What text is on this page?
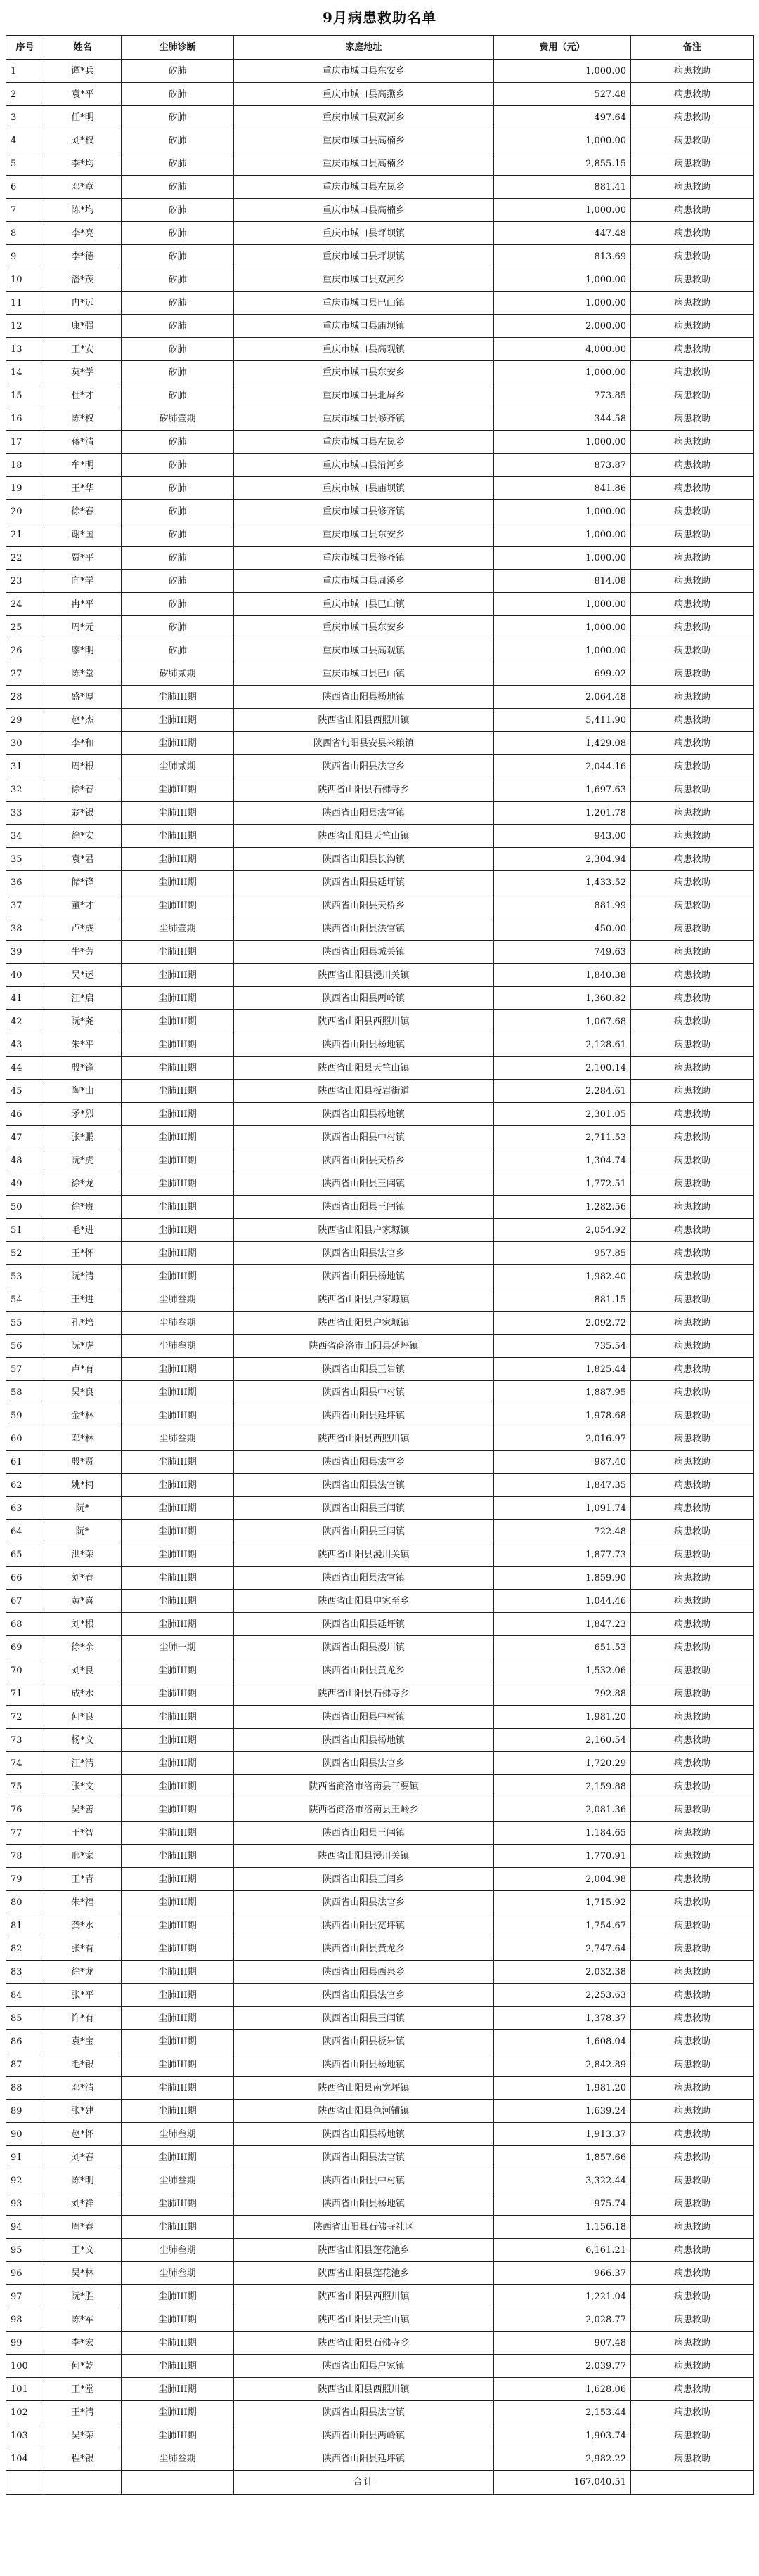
9月病患救助名单
序号	姓名	尘肺诊断	家庭地址	费用（元）	备注
1	谭*兵	矽肺	重庆市城口县东安乡	1,000.00	病患救助
2	袁*平	矽肺	重庆市城口县高燕乡	527.48	病患救助
3	任*明	矽肺	重庆市城口县双河乡	497.64	病患救助
4	刘*权	矽肺	重庆市城口县高楠乡	1,000.00	病患救助
5	李*均	矽肺	重庆市城口县高楠乡	2,855.15	病患救助
6	邓*章	矽肺	重庆市城口县左岚乡	881.41	病患救助
7	陈*均	矽肺	重庆市城口县高楠乡	1,000.00	病患救助
8	李*亮	矽肺	重庆市城口县坪坝镇	447.48	病患救助
9	李*德	矽肺	重庆市城口县坪坝镇	813.69	病患救助
10	潘*茂	矽肺	重庆市城口县双河乡	1,000.00	病患救助
11	冉*远	矽肺	重庆市城口县巴山镇	1,000.00	病患救助
12	康*强	矽肺	重庆市城口县庙坝镇	2,000.00	病患救助
13	王*安	矽肺	重庆市城口县高观镇	4,000.00	病患救助
14	莫*学	矽肺	重庆市城口县东安乡	1,000.00	病患救助
15	杜*才	矽肺	重庆市城口县北屏乡	773.85	病患救助
16	陈*权	矽肺壹期	重庆市城口县修齐镇	344.58	病患救助
17	蒋*清	矽肺	重庆市城口县左岚乡	1,000.00	病患救助
18	牟*明	矽肺	重庆市城口县沿河乡	873.87	病患救助
19	王*华	矽肺	重庆市城口县庙坝镇	841.86	病患救助
20	徐*春	矽肺	重庆市城口县修齐镇	1,000.00	病患救助
21	谢*国	矽肺	重庆市城口县东安乡	1,000.00	病患救助
22	贾*平	矽肺	重庆市城口县修齐镇	1,000.00	病患救助
23	向*学	矽肺	重庆市城口县周溪乡	814.08	病患救助
24	冉*平	矽肺	重庆市城口县巴山镇	1,000.00	病患救助
25	周*元	矽肺	重庆市城口县东安乡	1,000.00	病患救助
26	廖*明	矽肺	重庆市城口县高观镇	1,000.00	病患救助
27	陈*堂	矽肺贰期	重庆市城口县巴山镇	699.02	病患救助
28	盛*厚	尘肺III期	陕西省山阳县杨地镇	2,064.48	病患救助
29	赵*杰	尘肺III期	陕西省山阳县西照川镇	5,411.90	病患救助
30	李*和	尘肺III期	陕西省旬阳县安县米粮镇	1,429.08	病患救助
31	周*根	尘肺贰期	陕西省山阳县法官乡	2,044.16	病患救助
32	徐*春	尘肺III期	陕西省山阳县石佛寺乡	1,697.63	病患救助
33	翁*银	尘肺III期	陕西省山阳县法官镇	1,201.78	病患救助
34	徐*安	尘肺III期	陕西省山阳县天竺山镇	943.00	病患救助
35	袁*君	尘肺III期	陕西省山阳县长沟镇	2,304.94	病患救助
36	储*锋	尘肺III期	陕西省山阳县延坪镇	1,433.52	病患救助
37	董*才	尘肺III期	陕西省山阳县天桥乡	881.99	病患救助
38	卢*成	尘肺壹期	陕西省山阳县法官镇	450.00	病患救助
39	牛*劳	尘肺III期	陕西省山阳县城关镇	749.63	病患救助
40	吴*运	尘肺III期	陕西省山阳县漫川关镇	1,840.38	病患救助
41	汪*启	尘肺III期	陕西省山阳县两岭镇	1,360.82	病患救助
42	阮*尧	尘肺III期	陕西省山阳县西照川镇	1,067.68	病患救助
43	朱*平	尘肺III期	陕西省山阳县杨地镇	2,128.61	病患救助
44	殷*锋	尘肺III期	陕西省山阳县天竺山镇	2,100.14	病患救助
45	陶*山	尘肺III期	陕西省山阳县板岩街道	2,284.61	病患救助
46	矛*烈	尘肺III期	陕西省山阳县杨地镇	2,301.05	病患救助
47	张*鹏	尘肺III期	陕西省山阳县中村镇	2,711.53	病患救助
48	阮*虎	尘肺III期	陕西省山阳县天桥乡	1,304.74	病患救助
49	徐*龙	尘肺III期	陕西省山阳县王闫镇	1,772.51	病患救助
50	徐*贵	尘肺III期	陕西省山阳县王闫镇	1,282.56	病患救助
51	毛*进	尘肺III期	陕西省山阳县户家塬镇	2,054.92	病患救助
52	王*怀	尘肺III期	陕西省山阳县法官乡	957.85	病患救助
53	阮*清	尘肺III期	陕西省山阳县杨地镇	1,982.40	病患救助
54	王*进	尘肺叁期	陕西省山阳县户家塬镇	881.15	病患救助
55	孔*培	尘肺叁期	陕西省山阳县户家塬镇	2,092.72	病患救助
56	阮*虎	尘肺叁期	陕西省商洛市山阳县延坪镇	735.54	病患救助
57	卢*有	尘肺III期	陕西省山阳县王岩镇	1,825.44	病患救助
58	吴*良	尘肺III期	陕西省山阳县中村镇	1,887.95	病患救助
59	金*林	尘肺III期	陕西省山阳县延坪镇	1,978.68	病患救助
60	邓*林	尘肺叁期	陕西省山阳县西照川镇	2,016.97	病患救助
61	殷*贤	尘肺III期	陕西省山阳县法官乡	987.40	病患救助
62	姚*柯	尘肺III期	陕西省山阳县法官镇	1,847.35	病患救助
63	阮*	尘肺III期	陕西省山阳县王闫镇	1,091.74	病患救助
64	阮*	尘肺III期	陕西省山阳县王闫镇	722.48	病患救助
65	洪*荣	尘肺III期	陕西省山阳县漫川关镇	1,877.73	病患救助
66	刘*春	尘肺III期	陕西省山阳县法官镇	1,859.90	病患救助
67	黄*喜	尘肺III期	陕西省山阳县申家至乡	1,044.46	病患救助
68	刘*根	尘肺III期	陕西省山阳县延坪镇	1,847.23	病患救助
69	徐*余	尘肺一期	陕西省山阳县漫川镇	651.53	病患救助
70	刘*良	尘肺III期	陕西省山阳县黄龙乡	1,532.06	病患救助
71	成*水	尘肺III期	陕西省山阳县石佛寺乡	792.88	病患救助
72	何*良	尘肺III期	陕西省山阳县中村镇	1,981.20	病患救助
73	杨*文	尘肺III期	陕西省山阳县杨地镇	2,160.54	病患救助
74	汪*清	尘肺III期	陕西省山阳县法官乡	1,720.29	病患救助
75	张*文	尘肺III期	陕西省商洛市洛南县三要镇	2,159.88	病患救助
76	吴*善	尘肺III期	陕西省商洛市洛南县王岭乡	2,081.36	病患救助
77	王*智	尘肺III期	陕西省山阳县王闫镇	1,184.65	病患救助
78	邢*家	尘肺III期	陕西省山阳县漫川关镇	1,770.91	病患救助
79	王*青	尘肺III期	陕西省山阳县王闫乡	2,004.98	病患救助
80	朱*福	尘肺III期	陕西省山阳县法官乡	1,715.92	病患救助
81	龚*水	尘肺III期	陕西省山阳县宽坪镇	1,754.67	病患救助
82	张*有	尘肺III期	陕西省山阳县黄龙乡	2,747.64	病患救助
83	徐*龙	尘肺III期	陕西省山阳县西泉乡	2,032.38	病患救助
84	张*平	尘肺III期	陕西省山阳县法官乡	2,253.63	病患救助
85	许*有	尘肺III期	陕西省山阳县王闫镇	1,378.37	病患救助
86	袁*宝	尘肺III期	陕西省山阳县板岩镇	1,608.04	病患救助
87	毛*银	尘肺III期	陕西省山阳县杨地镇	2,842.89	病患救助
88	邓*清	尘肺III期	陕西省山阳县南宽坪镇	1,981.20	病患救助
89	张*建	尘肺III期	陕西省山阳县色河铺镇	1,639.24	病患救助
90	赵*怀	尘肺叁期	陕西省山阳县杨地镇	1,913.37	病患救助
91	刘*春	尘肺III期	陕西省山阳县法官镇	1,857.66	病患救助
92	陈*明	尘肺叁期	陕西省山阳县中村镇	3,322.44	病患救助
93	刘*祥	尘肺III期	陕西省山阳县杨地镇	975.74	病患救助
94	周*春	尘肺III期	陕西省山阳县石佛寺社区	1,156.18	病患救助
95	王*文	尘肺叁期	陕西省山阳县莲花池乡	6,161.21	病患救助
96	吴*林	尘肺叁期	陕西省山阳县莲花池乡	966.37	病患救助
97	阮*胜	尘肺III期	陕西省山阳县西照川镇	1,221.04	病患救助
98	陈*军	尘肺III期	陕西省山阳县天竺山镇	2,028.77	病患救助
99	李*宏	尘肺III期	陕西省山阳县石佛寺乡	907.48	病患救助
100	何*乾	尘肺III期	陕西省山阳县户家镇	2,039.77	病患救助
101	王*堂	尘肺III期	陕西省山阳县西照川镇	1,628.06	病患救助
102	王*清	尘肺III期	陕西省山阳县法官镇	2,153.44	病患救助
103	吴*荣	尘肺III期	陕西省山阳县两岭镇	1,903.74	病患救助
104	程*银	尘肺叁期	陕西省山阳县延坪镇	2,982.22	病患救助
			合计	167,040.51	
